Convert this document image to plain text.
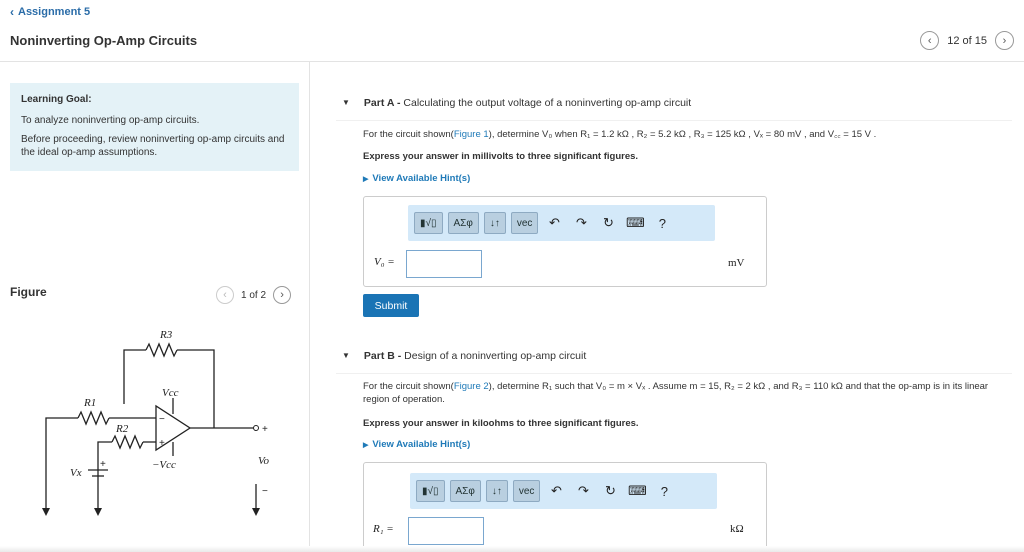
‹ Assignment 5
Noninverting Op-Amp Circuits	‹ 12 of 15 ›
Learning Goal:

To analyze noninverting op-amp circuits.

Before proceeding, review noninverting op-amp circuits and the ideal op-amp assumptions.

Figure	‹ 1 of 2 ›
R3
R1
R2
Vcc
−Vcc
Vx
Vo
−
+
+
+
−
▼ Part A - Calculating the output voltage of a noninverting op-amp circuit
For the circuit shown(Figure 1), determine V₀ when R₁ = 1.2 kΩ , R₂ = 5.2 kΩ , R₃ = 125 kΩ , Vₓ = 80 mV , and V꜀꜀ = 15 V .
Express your answer in millivolts to three significant figures.
▶ View Available Hint(s)
▮√▯	ΑΣφ	↓↑	vec	↶	↷	↻ ⌨	?
V₀ =	mV
Submit
▼ Part B - Design of a noninverting op-amp circuit
For the circuit shown(Figure 2), determine R₁ such that V₀ = m × Vₓ . Assume m = 15, R₂ = 2 kΩ , and R₃ = 110 kΩ and that the op-amp is in its linear region of operation.
Express your answer in kiloohms to three significant figures.
▶ View Available Hint(s)
▮√▯	ΑΣφ	↓↑	vec	↶	↷	↻ ⌨	?
R₁ =	kΩ
